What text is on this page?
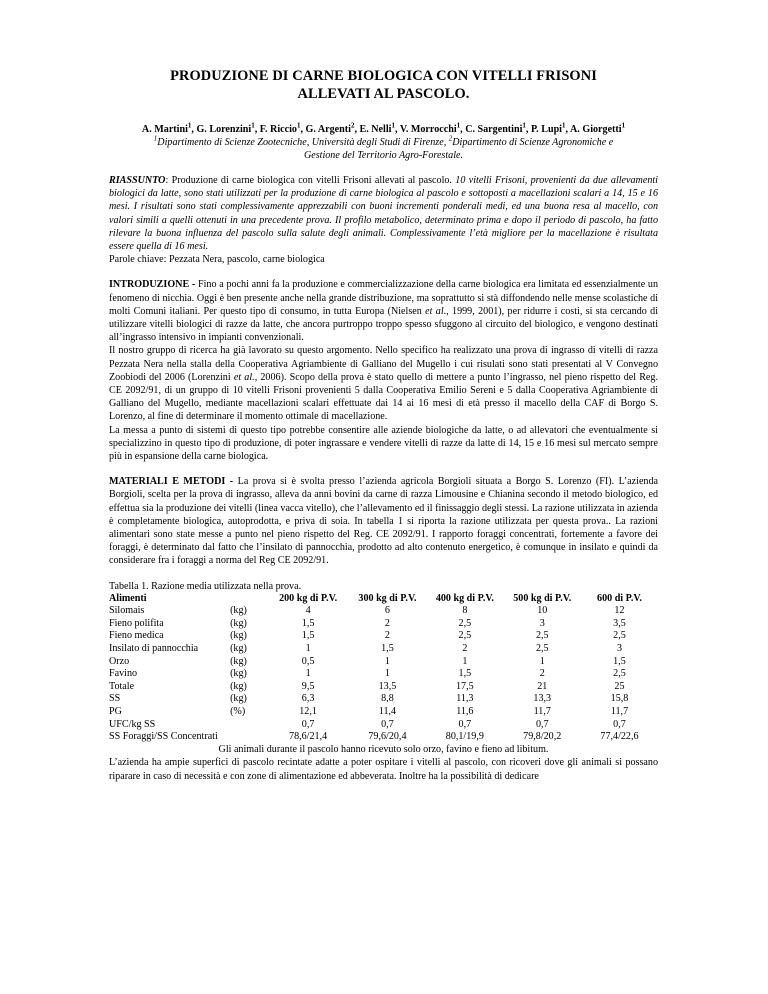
PRODUZIONE DI CARNE BIOLOGICA CON VITELLI FRISONI
ALLEVATI AL PASCOLO.
A. Martini$^1$, G. Lorenzini$^1$, F. Riccio$^1$, G. Argenti$^2$, E. Nelli$^1$, V. Morrocchi$^1$, C. Sargentini$^1$, P. Lupi$^1$, A. Giorgetti$^1$
$^1$Dipartimento di Scienze Zootecniche, Università degli Studi di Firenze, $^2$Dipartimento di Scienze Agronomiche e
Gestione del Territorio Agro-Forestale.

RIASSUNTO: Produzione di carne biologica con vitelli Frisoni allevati al pascolo. 10 vitelli Frisoni, provenienti da due allevamenti biologici da latte, sono stati utilizzati per la produzione di carne biologica al pascolo e sottoposti a macellazioni scalari a 14, 15 e 16 mesi. I risultati sono stati complessivamente apprezzabili con buoni incrementi ponderali medi, ed una buona resa al macello, con valori simili a quelli ottenuti in una precedente prova. Il profilo metabolico, determinato prima e dopo il periodo di pascolo, ha fatto rilevare la buona influenza del pascolo sulla salute degli animali. Complessivamente l’età migliore per la macellazione è risultata essere quella di 16 mesi.

Parole chiave: Pezzata Nera, pascolo, carne biologica

INTRODUZIONE - Fino a pochi anni fa la produzione e commercializzazione della carne biologica era limitata ed essenzialmente un fenomeno di nicchia. Oggi è ben presente anche nella grande distribuzione, ma soprattutto si stà diffondendo nelle mense scolastiche di molti Comuni italiani. Per questo tipo di consumo, in tutta Europa (Nielsen et al., 1999, 2001), per ridurre i costi, si sta cercando di utilizzare vitelli biologici di razze da latte, che ancora purtroppo troppo spesso sfuggono al circuito del biologico, e vengono destinati all’ingrasso intensivo in impianti convenzionali.

Il nostro gruppo di ricerca ha già lavorato su questo argomento. Nello specifico ha realizzato una prova di ingrasso di vitelli di razza Pezzata Nera nella stalla della Cooperativa Agriambiente di Galliano del Mugello i cui risulati sono stati presentati al V Convegno Zoobiodi del 2006 (Lorenzini et al., 2006). Scopo della prova è stato quello di mettere a punto l’ingrasso, nel pieno rispetto del Reg. CE 2092/91, di un gruppo di 10 vitelli Frisoni provenienti 5 dalla Cooperativa Emilio Sereni e 5 dalla Cooperativa Agriambiente di Galliano del Mugello, mediante macellazioni scalari effettuate dai 14 ai 16 mesi di età presso il macello della CAF di Borgo S. Lorenzo, al fine di determinare il momento ottimale di macellazione.

La messa a punto di sistemi di questo tipo potrebbe consentire alle aziende biologiche da latte, o ad allevatori che eventualmente si specializzino in questo tipo di produzione, di poter ingrassare e vendere vitelli di razze da latte di 14, 15 e 16 mesi sul mercato sempre più in espansione della carne biologica.

MATERIALI E METODI - La prova si è svolta presso l’azienda agricola Borgioli situata a Borgo S. Lorenzo (FI). L’azienda Borgioli, scelta per la prova di ingrasso, alleva da anni bovini da carne di razza Limousine e Chianina secondo il metodo biologico, ed effettua sia la produzione dei vitelli (linea vacca vitello), che l’allevamento ed il finissaggio degli stessi. La razione utilizzata in azienda è completamente biologica, autoprodotta, e priva di soia. In tabella 1 si riporta la razione utilizzata per questa prova.. La razioni alimentari sono state messe a punto nel pieno rispetto del Reg. CE 2092/91. I rapporto foraggi concentrati, fortemente a favore dei foraggi, è determinato dal fatto che l’insilato di pannocchia, prodotto ad alto contenuto energetico, è comunque in insilato e quindi da considerare fra i foraggi a norma del Reg CE 2092/91.

Tabella 1. Razione media utilizzata nella prova.
Alimenti		200 kg di P.V.	300 kg di P.V.	400 kg di P.V.	500 kg di P.V.	600 di P.V.
Silomais	(kg)	4	6	8	10	12
Fieno polifita	(kg)	1,5	2	2,5	3	3,5
Fieno medica	(kg)	1,5	2	2,5	2,5	2,5
Insilato di pannocchia	(kg)	1	1,5	2	2,5	3
Orzo	(kg)	0,5	1	1	1	1,5
Favino	(kg)	1	1	1,5	2	2,5
Totale	(kg)	9,5	13,5	17,5	21	25
SS	(kg)	6,3	8,8	11,3	13,3	15,8
PG	(%)	12,1	11,4	11,6	11,7	11,7
UFC/kg SS		0,7	0,7	0,7	0,7	0,7
SS Foraggi/SS Concentrati		78,6/21,4	79,6/20,4	80,1/19,9	79,8/20,2	77,4/22,6
Gli animali durante il pascolo hanno ricevuto solo orzo, favino e fieno ad libitum.						

L’azienda ha ampie superfici di pascolo recintate adatte a poter ospitare i vitelli al pascolo, con ricoveri dove gli animali si possano riparare in caso di necessità e con zone di alimentazione ed abbeverata. Inoltre ha la possibilità di dedicare
